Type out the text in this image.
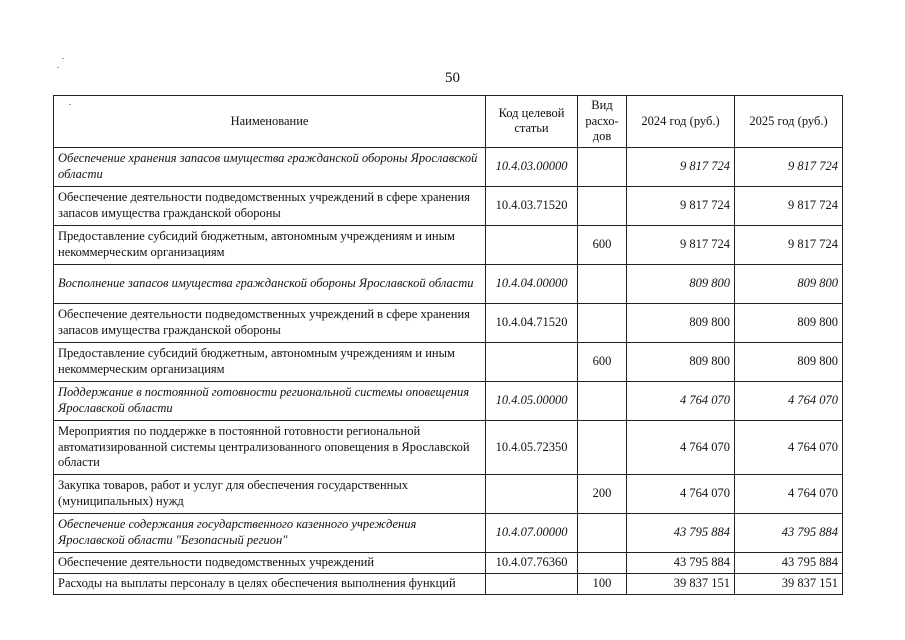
50
Наименование	Код целевой статьи	Вид расхо-дов	2024 год (руб.)	2025 год (руб.)
Обеспечение хранения запасов имущества гражданской обороны Ярославской области	10.4.03.00000		9 817 724	9 817 724
Обеспечение деятельности подведомственных учреждений в сфере хранения запасов имущества гражданской обороны	10.4.03.71520		9 817 724	9 817 724
Предоставление субсидий бюджетным, автономным учреждениям и иным некоммерческим организациям		600	9 817 724	9 817 724
Восполнение запасов имущества гражданской обороны Ярославской области	10.4.04.00000		809 800	809 800
Обеспечение деятельности подведомственных учреждений в сфере хранения запасов имущества гражданской обороны	10.4.04.71520		809 800	809 800
Предоставление субсидий бюджетным, автономным учреждениям и иным некоммерческим организациям		600	809 800	809 800
Поддержание в постоянной готовности региональной системы оповещения Ярославской области	10.4.05.00000		4 764 070	4 764 070
Мероприятия по поддержке в постоянной готовности региональной автоматизированной системы централизованного оповещения в Ярославской области	10.4.05.72350		4 764 070	4 764 070
Закупка товаров, работ и услуг для обеспечения государственных (муниципальных) нужд		200	4 764 070	4 764 070
Обеспечение содержания государственного казенного учреждения Ярославской области "Безопасный регион"	10.4.07.00000		43 795 884	43 795 884
Обеспечение деятельности подведомственных учреждений	10.4.07.76360		43 795 884	43 795 884
Расходы на выплаты персоналу в целях обеспечения выполнения функций		100	39 837 151	39 837 151
